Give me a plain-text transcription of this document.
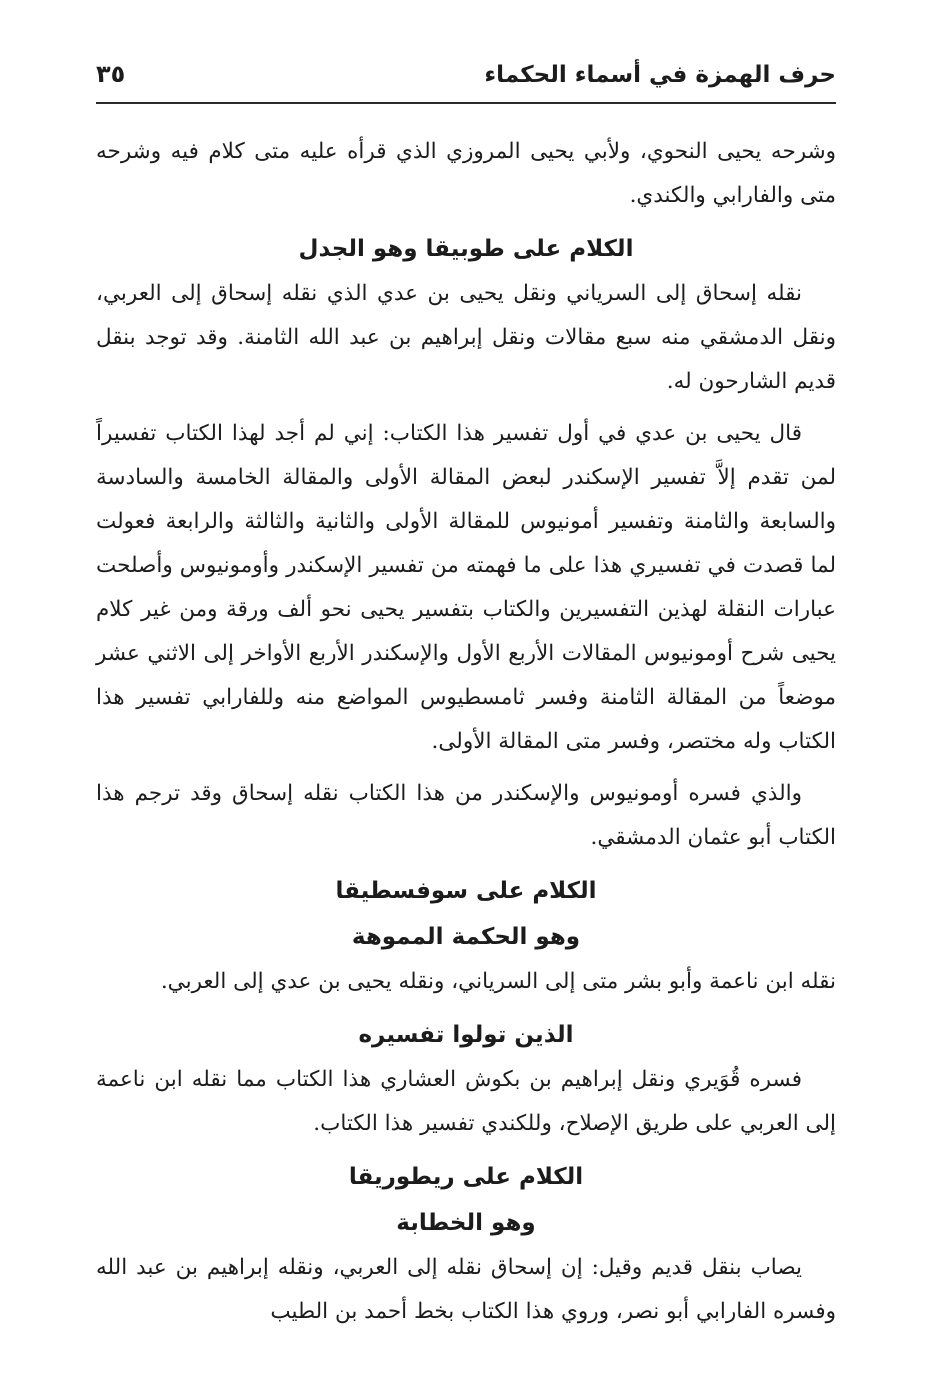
حرف الهمزة في أسماء الحكماء
٣٥

وشرحه يحيى النحوي، ولأبي يحيى المروزي الذي قرأه عليه متى كلام فيه وشرحه متى والفارابي والكندي.

الكلام على طوبيقا وهو الجدل

نقله إسحاق إلى السرياني ونقل يحيى بن عدي الذي نقله إسحاق إلى العربي، ونقل الدمشقي منه سبع مقالات ونقل إبراهيم بن عبد الله الثامنة. وقد توجد بنقل قديم الشارحون له.

قال يحيى بن عدي في أول تفسير هذا الكتاب: إني لم أجد لهذا الكتاب تفسيراً لمن تقدم إلاَّ تفسير الإسكندر لبعض المقالة الأولى والمقالة الخامسة والسادسة والسابعة والثامنة وتفسير أمونيوس للمقالة الأولى والثانية والثالثة والرابعة فعولت لما قصدت في تفسيري هذا على ما فهمته من تفسير الإسكندر وأومونيوس وأصلحت عبارات النقلة لهذين التفسيرين والكتاب بتفسير يحيى نحو ألف ورقة ومن غير كلام يحيى شرح أومونيوس المقالات الأربع الأول والإسكندر الأربع الأواخر إلى الاثني عشر موضعاً من المقالة الثامنة وفسر ثامسطيوس المواضع منه وللفارابي تفسير هذا الكتاب وله مختصر، وفسر متى المقالة الأولى.

والذي فسره أومونيوس والإسكندر من هذا الكتاب نقله إسحاق وقد ترجم هذا الكتاب أبو عثمان الدمشقي.

الكلام على سوفسطيقا
وهو الحكمة المموهة

نقله ابن ناعمة وأبو بشر متى إلى السرياني، ونقله يحيى بن عدي إلى العربي.

الذين تولوا تفسيره

فسره قُوَيري ونقل إبراهيم بن بكوش العشاري هذا الكتاب مما نقله ابن ناعمة إلى العربي على طريق الإصلاح، وللكندي تفسير هذا الكتاب.

الكلام على ريطوريقا
وهو الخطابة

يصاب بنقل قديم وقيل: إن إسحاق نقله إلى العربي، ونقله إبراهيم بن عبد الله وفسره الفارابي أبو نصر، وروي هذا الكتاب بخط أحمد بن الطيب
